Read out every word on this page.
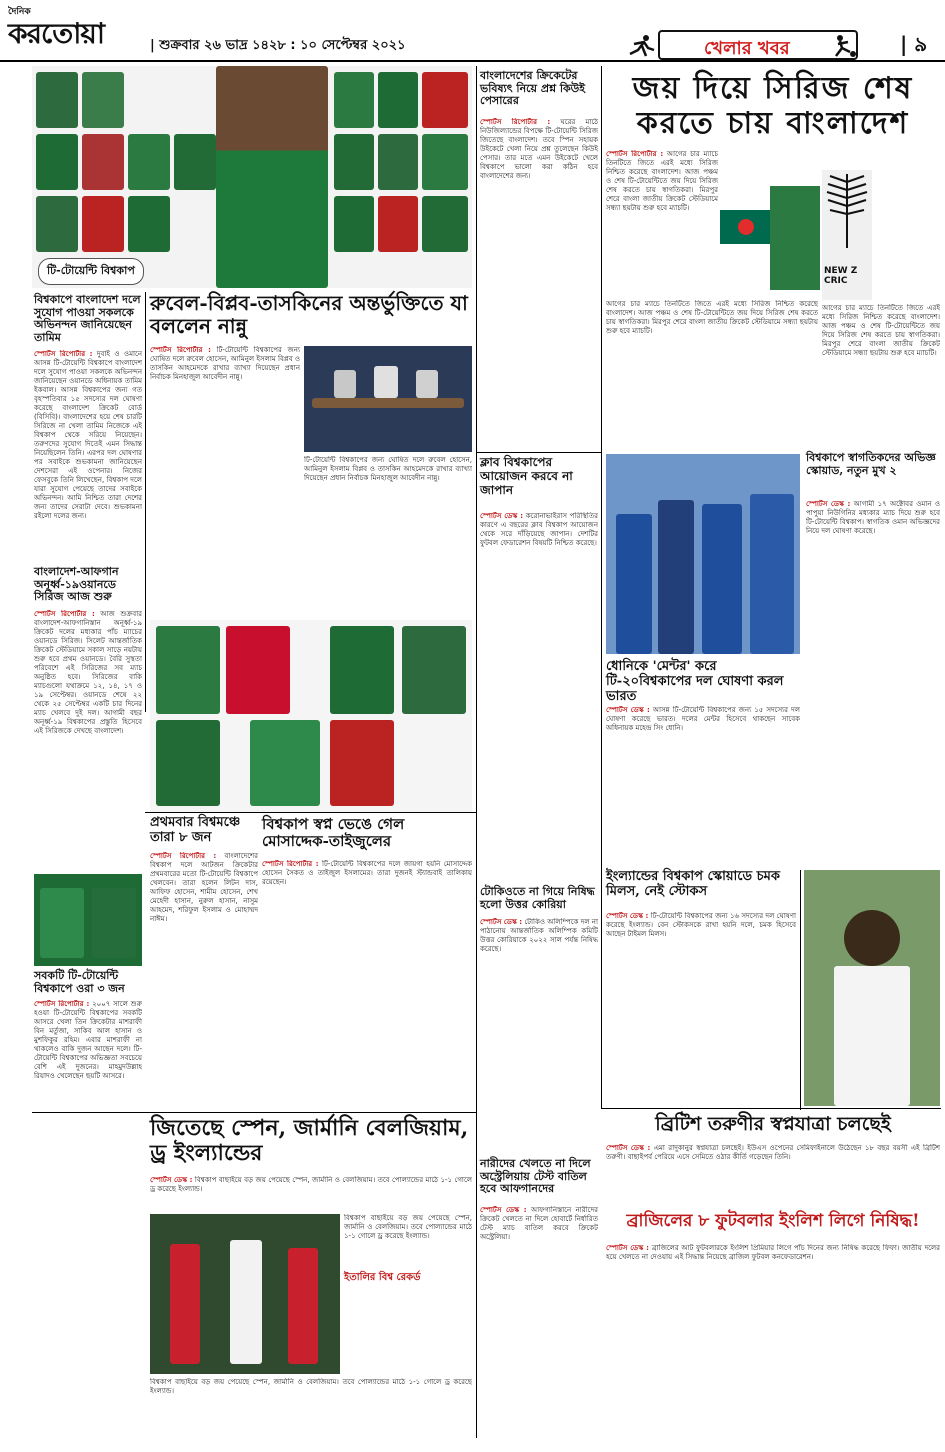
দৈনিক
করতোয়া	| শুক্রবার ২৬ ভাদ্র ১৪২৮ : ১০ সেপ্টেম্বর ২০২১	খেলার খবর	| ৯
টি-টোয়েন্টি বিশ্বকাপ
বিশ্বকাপে বাংলাদেশ দলে সুযোগ পাওয়া সকলকে অভিনন্দন জানিয়েছেন তামিম
স্পোর্টস রিপোর্টার : দুবাই ও ওমানে আসন্ন টি-টোয়েন্টি বিশ্বকাপে বাংলাদেশ দলে সুযোগ পাওয়া সকলকে অভিনন্দন জানিয়েছেন ওয়ানডে অধিনায়ক তামিম ইকবাল। আসন্ন বিশ্বকাপের জন্য গত বৃহস্পতিবার ১৫ সদস্যের দল ঘোষণা করেছে বাংলাদেশ ক্রিকেট বোর্ড (বিসিবি)। বাংলাদেশের হয়ে শেষ চারটি সিরিজে না খেলা তামিম নিজেকে এই বিশ্বকাপ থেকে সরিয়ে নিয়েছেন। তরুণদের সুযোগ দিতেই এমন সিদ্ধান্ত নিয়েছিলেন তিনি। এরপর দল ঘোষণার পর সবাইকে শুভকামনা জানিয়েছেন দেশসেরা এই ওপেনার। নিজের ফেসবুকে তিনি লিখেছেন, বিশ্বকাপ দলে যারা সুযোগ পেয়েছে তাদের সবাইকে অভিনন্দন। আমি নিশ্চিত তারা দেশের জন্য তাদের সেরাটা দেবে। শুভকামনা রইলো দলের জন্য।
বাংলাদেশ-আফগান অনূর্ধ্ব-১৯ওয়ানডে সিরিজ আজ শুরু
স্পোর্টস রিপোর্টার : আজ শুক্রবার বাংলাদেশ-আফগানিস্তান অনূর্ধ্ব-১৯ ক্রিকেট দলের মধ্যকার পাঁচ ম্যাচের ওয়ানডে সিরিজ। সিলেট আন্তর্জাতিক ক্রিকেট স্টেডিয়ামে সকাল সাড়ে নয়টায় শুরু হবে প্রথম ওয়ানডে। বৈরি সুস্থতা পরিবেশে এই সিরিজের সব ম্যাচ অনুষ্ঠিত হবে। সিরিজের বাকি ম্যাচগুলো যথাক্রমে ১২, ১৪, ১৭ ও ১৯ সেপ্টেম্বর। ওয়ানডে শেষে ২২ থেকে ২৫ সেপ্টেম্বর একটি চার দিনের ম্যাচ খেলবে দুই দল। আগামী বছর অনূর্ধ্ব-১৯ বিশ্বকাপের প্রস্তুতি হিসেবে এই সিরিজকে দেখছে বাংলাদেশ।
সবকটি টি-টোয়েন্টি বিশ্বকাপে ওরা ৩ জন
স্পোর্টস রিপোর্টার : ২০০৭ সালে শুরু হওয়া টি-টোয়েন্টি বিশ্বকাপের সবকটি আসরে খেলা তিন ক্রিকেটার মাশরাফী বিন মর্তুজা, সাকিব আল হাসান ও মুশফিকুর রহিম। এবার মাশরাফী না থাকলেও বাকি দুজন আছেন দলে। টি-টোয়েন্টি বিশ্বকাপের অভিজ্ঞতা সবচেয়ে বেশি এই দুজনের। মাহমুদউল্লাহ রিয়াদও খেলেছেন ছয়টি আসরে।
রুবেল-বিপ্লব-তাসকিনের অন্তর্ভুক্তিতে যা বললেন নান্নু
স্পোর্টস রিপোর্টার : টি-টোয়েন্টি বিশ্বকাপের জন্য ঘোষিত দলে রুবেল হোসেন, আমিনুল ইসলাম বিপ্লব ও তাসকিন আহমেদকে রাখার ব্যাখ্যা দিয়েছেন প্রধান নির্বাচক মিনহাজুল আবেদীন নান্নু।
টি-টোয়েন্টি বিশ্বকাপের জন্য ঘোষিত দলে রুবেল হোসেন, আমিনুল ইসলাম বিপ্লব ও তাসকিন আহমেদকে রাখার ব্যাখ্যা দিয়েছেন প্রধান নির্বাচক মিনহাজুল আবেদীন নান্নু।
প্রথমবার বিশ্বমঞ্চে তারা ৮ জন
স্পোর্টস রিপোর্টার : বাংলাদেশের বিশ্বকাপ দলে আটজন ক্রিকেটার প্রথমবারের মতো টি-টোয়েন্টি বিশ্বকাপে খেলবেন। তারা হলেন লিটন দাস, আফিফ হোসেন, শামীম হোসেন, শেখ মেহেদী হাসান, নুরুল হাসান, নাসুম আহমেদ, শরিফুল ইসলাম ও মোহাম্মদ নাঈম।
বিশ্বকাপ স্বপ্ন ভেঙে গেল মোসাদ্দেক-তাইজুলের
স্পোর্টস রিপোর্টার : টি-টোয়েন্টি বিশ্বকাপের দলে জায়গা হয়নি মোসাদ্দেক হোসেন সৈকত ও তাইজুল ইসলামের। তারা দুজনই স্ট্যান্ডবাই তালিকায় রয়েছেন।
বাংলাদেশের ক্রিকেটের ভবিষ্যৎ নিয়ে প্রশ্ন কিউই পেসারের
স্পোর্টস রিপোর্টার : ঘরের মাঠে নিউজিল্যান্ডের বিপক্ষে টি-টোয়েন্টি সিরিজ জিতেছে বাংলাদেশ। তবে স্পিন সহায়ক উইকেটে খেলা নিয়ে প্রশ্ন তুলেছেন কিউই পেসার। তার মতে এমন উইকেটে খেলে বিশ্বকাপে ভালো করা কঠিন হবে বাংলাদেশের জন্য।
ক্লাব বিশ্বকাপের আয়োজন করবে না জাপান
স্পোর্টস ডেস্ক : করোনাভাইরাস পরিস্থিতির কারণে এ বছরের ক্লাব বিশ্বকাপ আয়োজন থেকে সরে দাঁড়িয়েছে জাপান। দেশটির ফুটবল ফেডারেশন বিষয়টি নিশ্চিত করেছে।
টোকিওতে না গিয়ে নিষিদ্ধ হলো উত্তর কোরিয়া
স্পোর্টস ডেস্ক : টোকিও অলিম্পিকে দল না পাঠানোয় আন্তর্জাতিক অলিম্পিক কমিটি উত্তর কোরিয়াকে ২০২২ সাল পর্যন্ত নিষিদ্ধ করেছে।
নারীদের খেলতে না দিলে অস্ট্রেলিয়ায় টেস্ট বাতিল হবে আফগানদের
স্পোর্টস ডেস্ক : আফগানিস্তানে নারীদের ক্রিকেট খেলতে না দিলে হোবার্টে নির্ধারিত টেস্ট ম্যাচ বাতিল করবে ক্রিকেট অস্ট্রেলিয়া।
জয় দিয়ে সিরিজ শেষ করতে চায় বাংলাদেশ
স্পোর্টস রিপোর্টার : আগের চার ম্যাচে তিনটিতে জিতে এরই মধ্যে সিরিজ নিশ্চিত করেছে বাংলাদেশ। আজ পঞ্চম ও শেষ টি-টোয়েন্টিতে জয় দিয়ে সিরিজ শেষ করতে চায় স্বাগতিকরা। মিরপুর শেরে বাংলা জাতীয় ক্রিকেট স্টেডিয়ামে সন্ধ্যা ছয়টায় শুরু হবে ম্যাচটি।
NEW Z CRIC
আগের চার ম্যাচে তিনটিতে জিতে এরই মধ্যে সিরিজ নিশ্চিত করেছে বাংলাদেশ। আজ পঞ্চম ও শেষ টি-টোয়েন্টিতে জয় দিয়ে সিরিজ শেষ করতে চায় স্বাগতিকরা। মিরপুর শেরে বাংলা জাতীয় ক্রিকেট স্টেডিয়ামে সন্ধ্যা ছয়টায় শুরু হবে ম্যাচটি।
আগের চার ম্যাচে তিনটিতে জিতে এরই মধ্যে সিরিজ নিশ্চিত করেছে বাংলাদেশ। আজ পঞ্চম ও শেষ টি-টোয়েন্টিতে জয় দিয়ে সিরিজ শেষ করতে চায় স্বাগতিকরা। মিরপুর শেরে বাংলা জাতীয় ক্রিকেট স্টেডিয়ামে সন্ধ্যা ছয়টায় শুরু হবে ম্যাচটি।
বিশ্বকাপে স্বাগতিকদের অভিজ্ঞ স্কোয়াড, নতুন মুখ ২
স্পোর্টস ডেস্ক : আগামী ১৭ অক্টোবর ওমান ও পাপুয়া নিউগিনির মধ্যকার ম্যাচ দিয়ে শুরু হবে টি-টোয়েন্টি বিশ্বকাপ। স্বাগতিক ওমান অভিজ্ঞদের নিয়ে দল ঘোষণা করেছে।
ধোনিকে 'মেন্টর' করে টি-২০বিশ্বকাপের দল ঘোষণা করল ভারত
স্পোর্টস ডেস্ক : আসন্ন টি-টোয়েন্টি বিশ্বকাপের জন্য ১৫ সদস্যের দল ঘোষণা করেছে ভারত। দলের মেন্টর হিসেবে থাকছেন সাবেক অধিনায়ক মহেন্দ্র সিং ধোনি।
ইংল্যান্ডের বিশ্বকাপ স্কোয়াডে চমক মিলস, নেই স্টোকস
স্পোর্টস ডেস্ক : টি-টোয়েন্টি বিশ্বকাপের জন্য ১৬ সদস্যের দল ঘোষণা করেছে ইংল্যান্ড। বেন স্টোকসকে রাখা হয়নি দলে, চমক হিসেবে আছেন টাইমল মিলস।
ব্রিটিশ তরুণীর স্বপ্নযাত্রা চলছেই
স্পোর্টস ডেস্ক : এমা রাদুকানুর স্বপ্নযাত্রা চলছেই। ইউএস ওপেনের সেমিফাইনালে উঠেছেন ১৮ বছর বয়সী এই ব্রিটিশ তরুণী। বাছাইপর্ব পেরিয়ে এসে সেমিতে ওঠার কীর্তি গড়েছেন তিনি।
ব্রাজিলের ৮ ফুটবলার ইংলিশ লিগে নিষিদ্ধ!
স্পোর্টস ডেস্ক : ব্রাজিলের আট ফুটবলারকে ইংলিশ প্রিমিয়ার লিগে পাঁচ দিনের জন্য নিষিদ্ধ করেছে ফিফা। জাতীয় দলের হয়ে খেলতে না দেওয়ায় এই সিদ্ধান্ত নিয়েছে ব্রাজিল ফুটবল কনফেডারেশন।
জিতেছে স্পেন, জার্মানি বেলজিয়াম, ড্র ইংল্যান্ডের
স্পোর্টস ডেস্ক : বিশ্বকাপ বাছাইয়ে বড় জয় পেয়েছে স্পেন, জার্মানি ও বেলজিয়াম। তবে পোল্যান্ডের মাঠে ১-১ গোলে ড্র করেছে ইংল্যান্ড।
বিশ্বকাপ বাছাইয়ে বড় জয় পেয়েছে স্পেন, জার্মানি ও বেলজিয়াম। তবে পোল্যান্ডের মাঠে ১-১ গোলে ড্র করেছে ইংল্যান্ড।
ইতালির বিশ্ব রেকর্ড
বিশ্বকাপ বাছাইয়ে বড় জয় পেয়েছে স্পেন, জার্মানি ও বেলজিয়াম। তবে পোল্যান্ডের মাঠে ১-১ গোলে ড্র করেছে ইংল্যান্ড।
